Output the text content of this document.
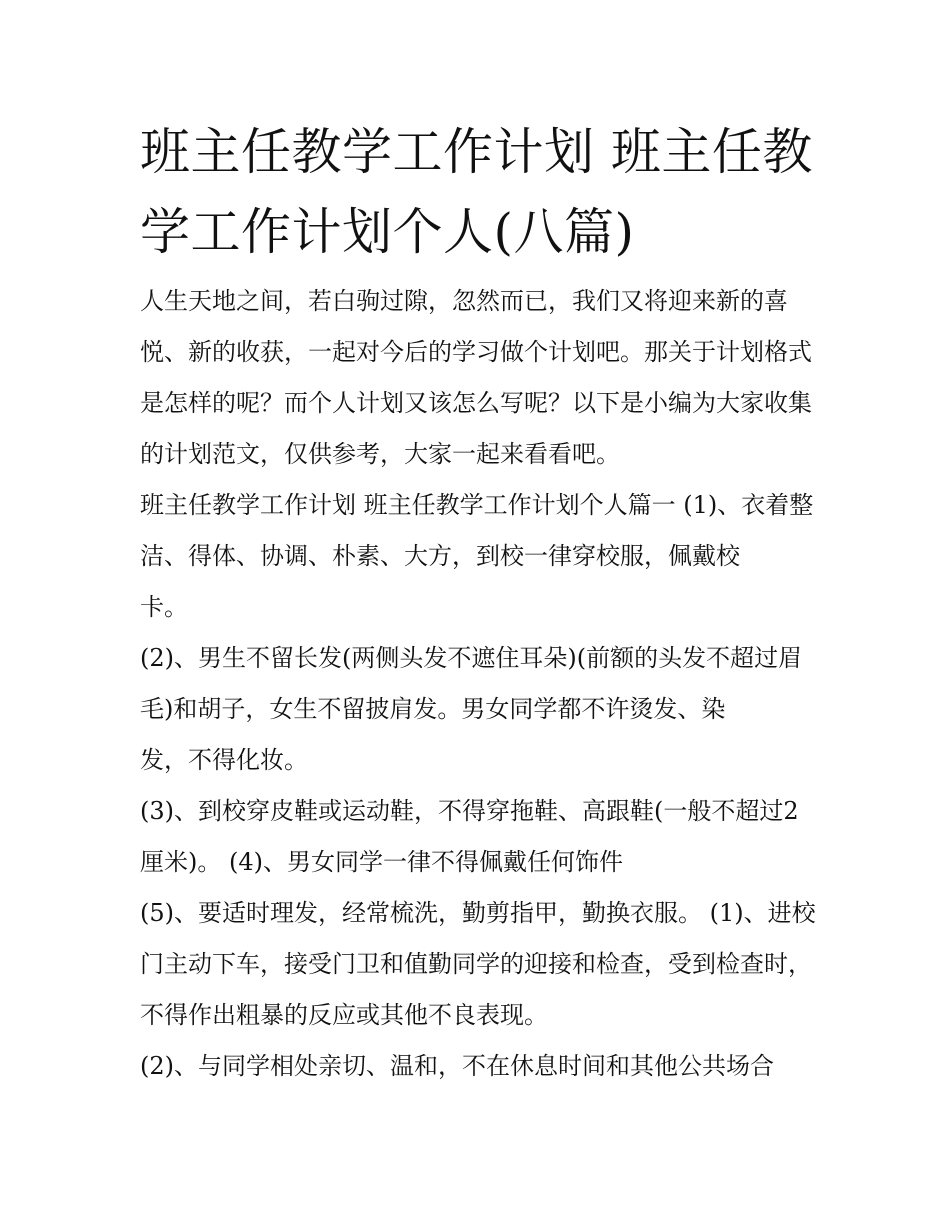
班主任教学工作计划 班主任教学工作计划个人(八篇)

人生天地之间，若白驹过隙，忽然而已，我们又将迎来新的喜悦、新的收获，一起对今后的学习做个计划吧。那关于计划格式是怎样的呢？而个人计划又该怎么写呢？以下是小编为大家收集的计划范文，仅供参考，大家一起来看看吧。

班主任教学工作计划 班主任教学工作计划个人篇一 (1)、衣着整洁、得体、协调、朴素、大方，到校一律穿校服，佩戴校
卡。

(2)、男生不留长发(两侧头发不遮住耳朵)(前额的头发不超过眉毛)和胡子，女生不留披肩发。男女同学都不许烫发、染
发，不得化妆。

(3)、到校穿皮鞋或运动鞋，不得穿拖鞋、高跟鞋(一般不超过2厘米)。 (4)、男女同学一律不得佩戴任何饰件

(5)、要适时理发，经常梳洗，勤剪指甲，勤换衣服。 (1)、进校门主动下车，接受门卫和值勤同学的迎接和检查，受到检查时，不得作出粗暴的反应或其他不良表现。

(2)、与同学相处亲切、温和，不在休息时间和其他公共场合
